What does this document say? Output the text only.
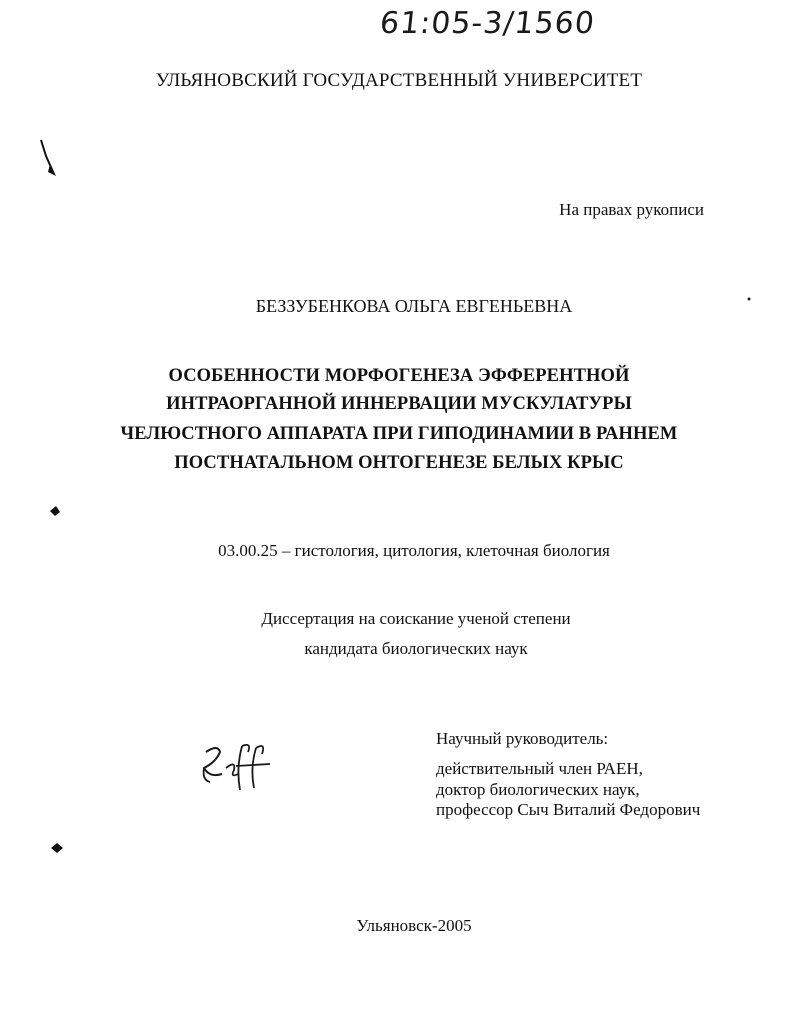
61:05-3/1560
УЛЬЯНОВСКИЙ ГОСУДАРСТВЕННЫЙ УНИВЕРСИТЕТ
На правах рукописи
БЕЗЗУБЕНКОВА ОЛЬГА ЕВГЕНЬЕВНА
ОСОБЕННОСТИ МОРФОГЕНЕЗА ЭФФЕРЕНТНОЙ
ИНТРАОРГАННОЙ ИННЕРВАЦИИ МУСКУЛАТУРЫ
ЧЕЛЮСТНОГО АППАРАТА ПРИ ГИПОДИНАМИИ В РАННЕМ
ПОСТНАТАЛЬНОМ ОНТОГЕНЕЗЕ БЕЛЫХ КРЫС
03.00.25 – гистология, цитология, клеточная биология
Диссертация на соискание ученой степени
кандидата биологических наук
Научный руководитель:
действительный член РАЕН,
доктор биологических наук,
профессор Сыч Виталий Федорович
Ульяновск-2005
